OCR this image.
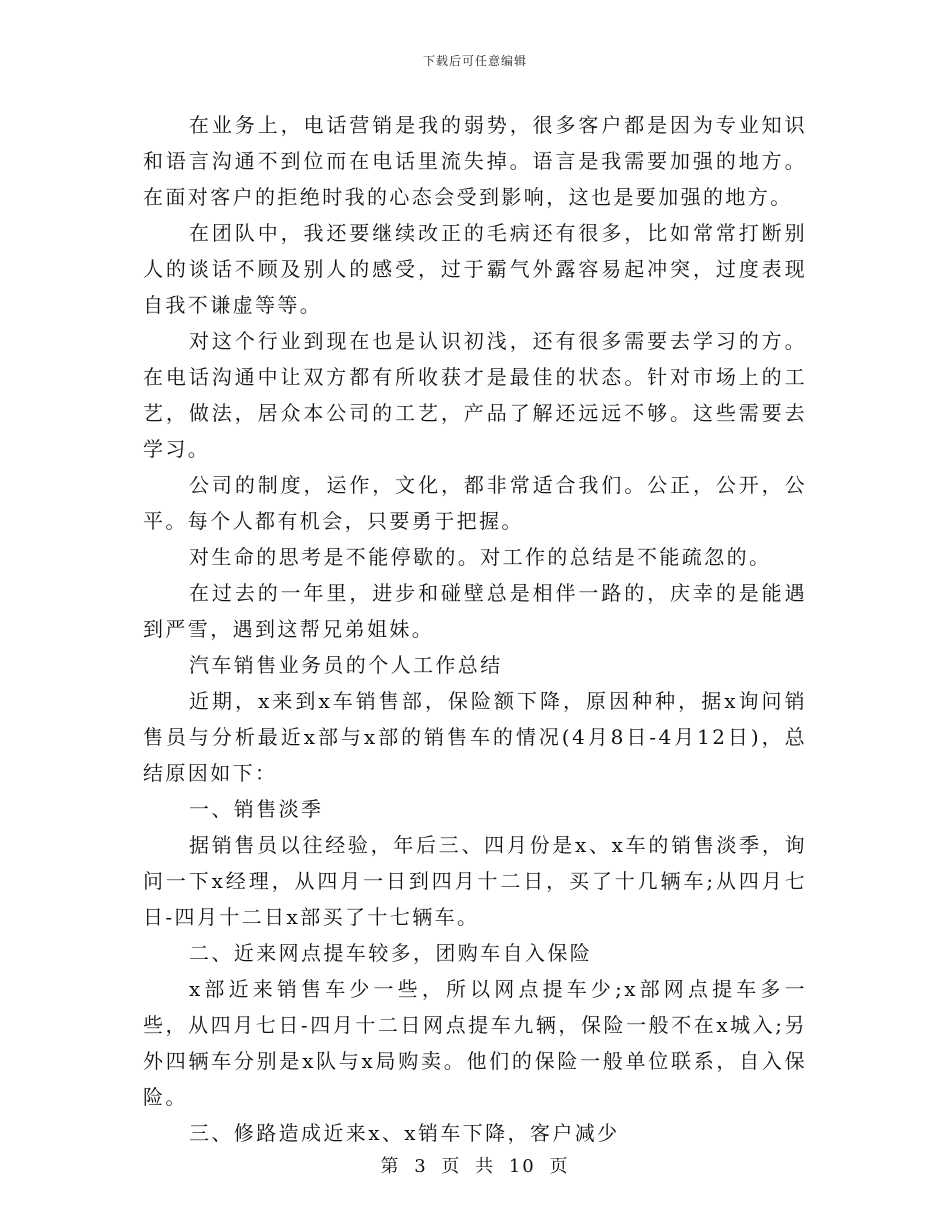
下载后可任意编辑

在业务上，电话营销是我的弱势，很多客户都是因为专业知识和语言沟通不到位而在电话里流失掉。语言是我需要加强的地方。在面对客户的拒绝时我的心态会受到影响，这也是要加强的地方。

在团队中，我还要继续改正的毛病还有很多，比如常常打断别人的谈话不顾及别人的感受，过于霸气外露容易起冲突，过度表现自我不谦虚等等。

对这个行业到现在也是认识初浅，还有很多需要去学习的方。在电话沟通中让双方都有所收获才是最佳的状态。针对市场上的工艺，做法，居众本公司的工艺，产品了解还远远不够。这些需要去学习。

公司的制度，运作，文化，都非常适合我们。公正，公开，公平。每个人都有机会，只要勇于把握。

对生命的思考是不能停歇的。对工作的总结是不能疏忽的。

在过去的一年里，进步和碰壁总是相伴一路的，庆幸的是能遇到严雪，遇到这帮兄弟姐妹。

汽车销售业务员的个人工作总结

近期，x来到x车销售部，保险额下降，原因种种，据x询问销售员与分析最近x部与x部的销售车的情况(4月8日-4月12日)，总结原因如下：

一、销售淡季

据销售员以往经验，年后三、四月份是x、x车的销售淡季，询问一下x经理，从四月一日到四月十二日，买了十几辆车;从四月七日-四月十二日x部买了十七辆车。

二、近来网点提车较多，团购车自入保险

x部近来销售车少一些，所以网点提车少;x部网点提车多一些，从四月七日-四月十二日网点提车九辆，保险一般不在x城入;另外四辆车分别是x队与x局购卖。他们的保险一般单位联系，自入保险。

三、修路造成近来x、x销车下降，客户减少

第 3 页 共 10 页
